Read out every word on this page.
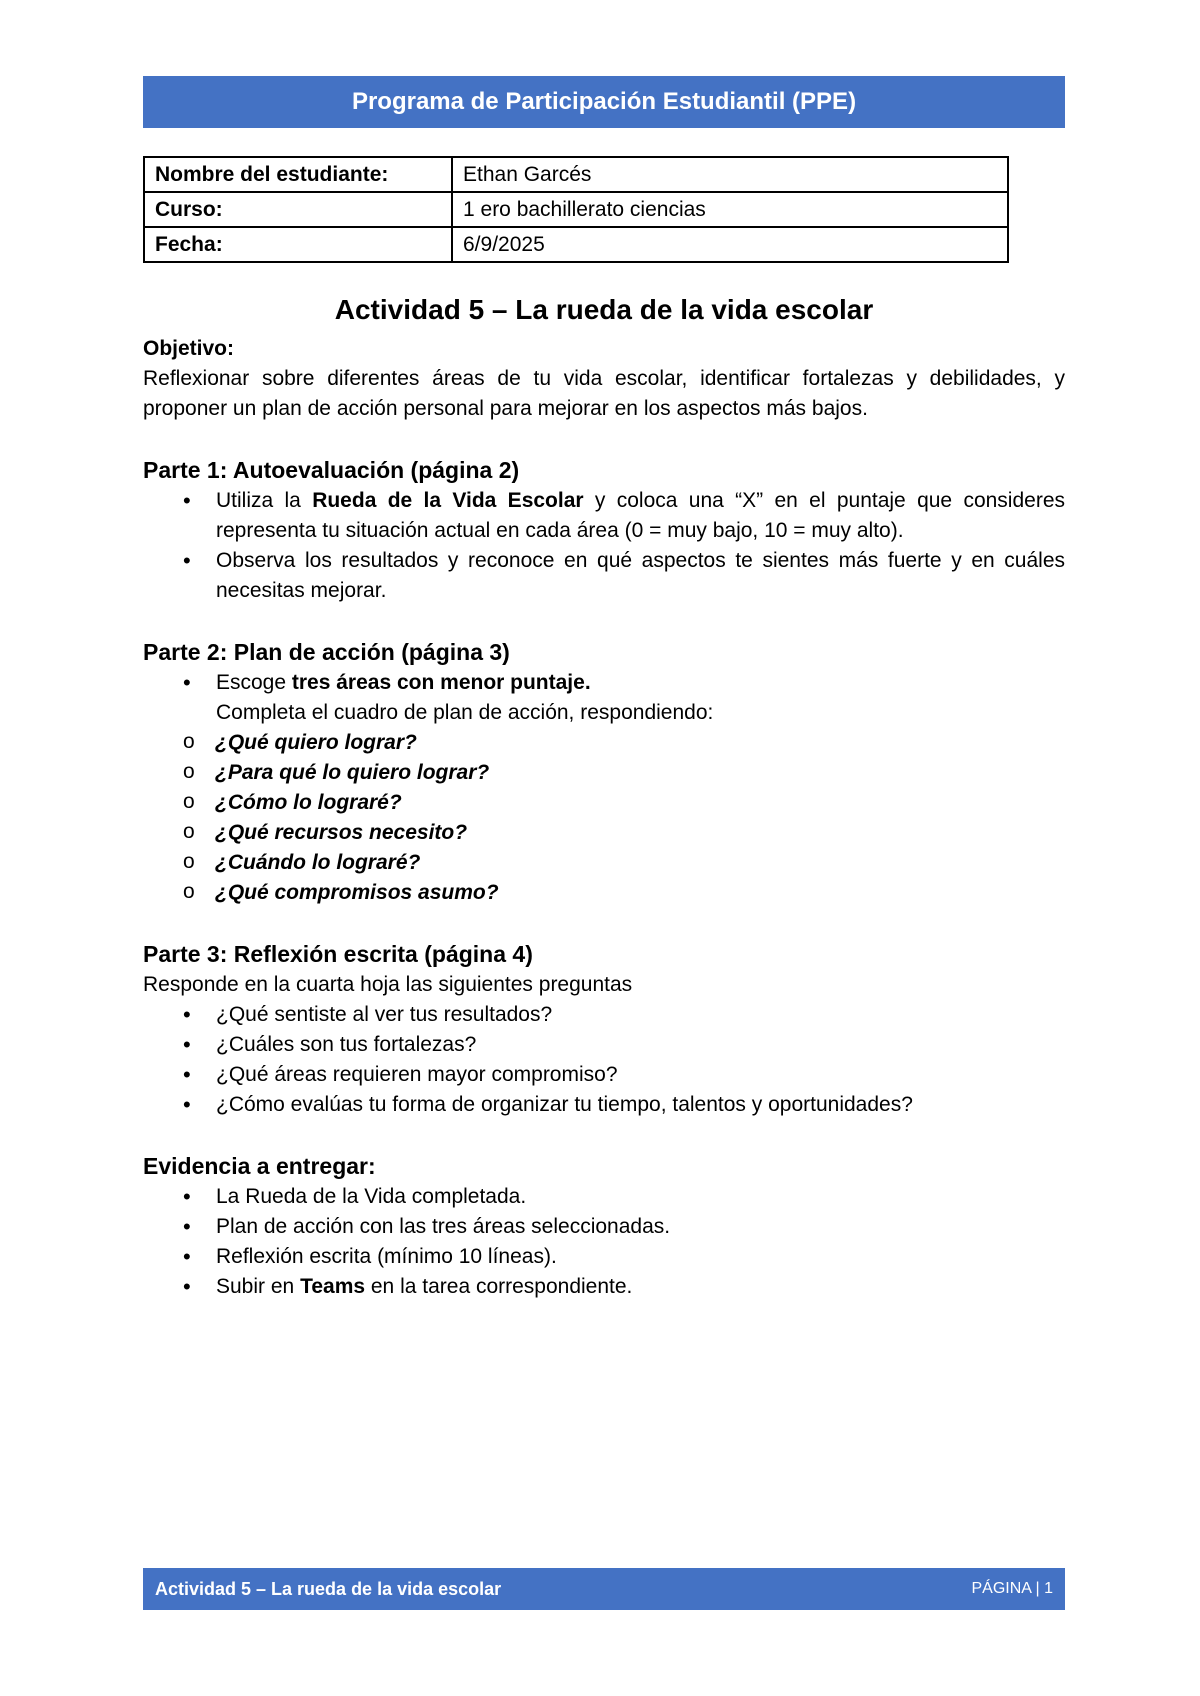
Programa de Participación Estudiantil (PPE)
Nombre del estudiante:	Ethan Garcés
Curso:	1 ero bachillerato ciencias
Fecha:	6/9/2025
Actividad 5 – La rueda de la vida escolar
Objetivo:
Reflexionar sobre diferentes áreas de tu vida escolar, identificar fortalezas y debilidades, y proponer un plan de acción personal para mejorar en los aspectos más bajos.
Parte 1: Autoevaluación (página 2)
• Utiliza la Rueda de la Vida Escolar y coloca una “X” en el puntaje que consideres representa tu situación actual en cada área (0 = muy bajo, 10 = muy alto).
• Observa los resultados y reconoce en qué aspectos te sientes más fuerte y en cuáles necesitas mejorar.
Parte 2: Plan de acción (página 3)
• Escoge tres áreas con menor puntaje.
Completa el cuadro de plan de acción, respondiendo:
o ¿Qué quiero lograr?
o ¿Para qué lo quiero lograr?
o ¿Cómo lo lograré?
o ¿Qué recursos necesito?
o ¿Cuándo lo lograré?
o ¿Qué compromisos asumo?
Parte 3: Reflexión escrita (página 4)
Responde en la cuarta hoja las siguientes preguntas
• ¿Qué sentiste al ver tus resultados?
• ¿Cuáles son tus fortalezas?
• ¿Qué áreas requieren mayor compromiso?
• ¿Cómo evalúas tu forma de organizar tu tiempo, talentos y oportunidades?
Evidencia a entregar:
• La Rueda de la Vida completada.
• Plan de acción con las tres áreas seleccionadas.
• Reflexión escrita (mínimo 10 líneas).
• Subir en Teams en la tarea correspondiente.
Actividad 5 – La rueda de la vida escolar	PÁGINA | 1
